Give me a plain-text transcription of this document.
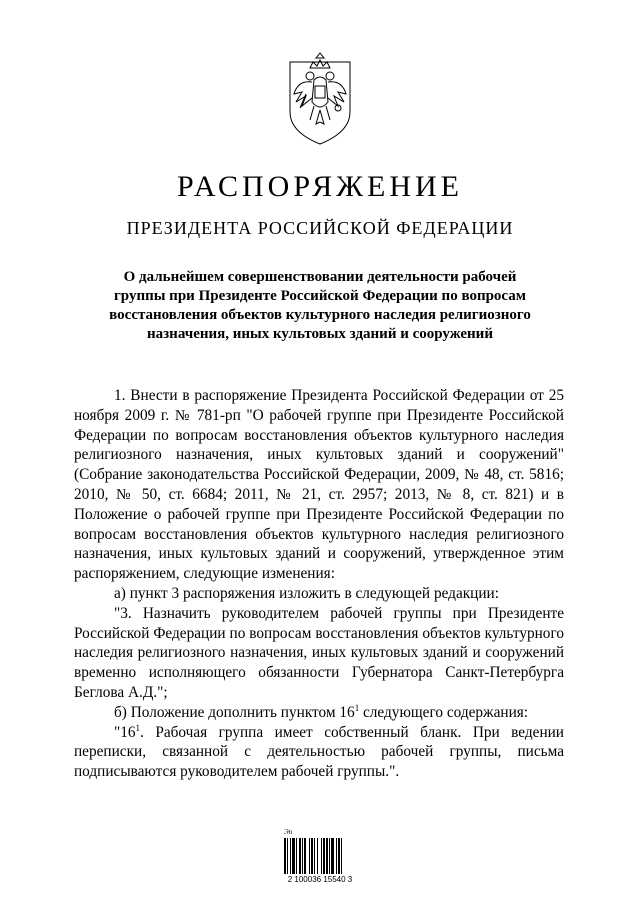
РАСПОРЯЖЕНИЕ
ПРЕЗИДЕНТА РОССИЙСКОЙ ФЕДЕРАЦИИ
О дальнейшем совершенствовании деятельности рабочей группы при Президенте Российской Федерации по вопросам восстановления объектов культурного наследия религиозного назначения, иных культовых зданий и сооружений

1. Внести в распоряжение Президента Российской Федерации от 25 ноября 2009 г. № 781-рп "О рабочей группе при Президенте Российской Федерации по вопросам восстановления объектов культурного наследия религиозного назначения, иных культовых зданий и сооружений" (Собрание законодательства Российской Федерации, 2009, № 48, ст. 5816; 2010, № 50, ст. 6684; 2011, № 21, ст. 2957; 2013, № 8, ст. 821) и в Положение о рабочей группе при Президенте Российской Федерации по вопросам восстановления объектов культурного наследия религиозного назначения, иных культовых зданий и сооружений, утвержденное этим распоряжением, следующие изменения:

а) пункт 3 распоряжения изложить в следующей редакции:

"3. Назначить руководителем рабочей группы при Президенте Российской Федерации по вопросам восстановления объектов культурного наследия религиозного назначения, иных культовых зданий и сооружений временно исполняющего обязанности Губернатора Санкт-Петербурга Беглова А.Д.";

б) Положение дополнить пунктом $16^1$ следующего содержания:

"$16^1$. Рабочая группа имеет собственный бланк. При ведении переписки, связанной с деятельностью рабочей группы, письма подписываются руководителем рабочей группы.".

Эп
2 100036 15540 3
